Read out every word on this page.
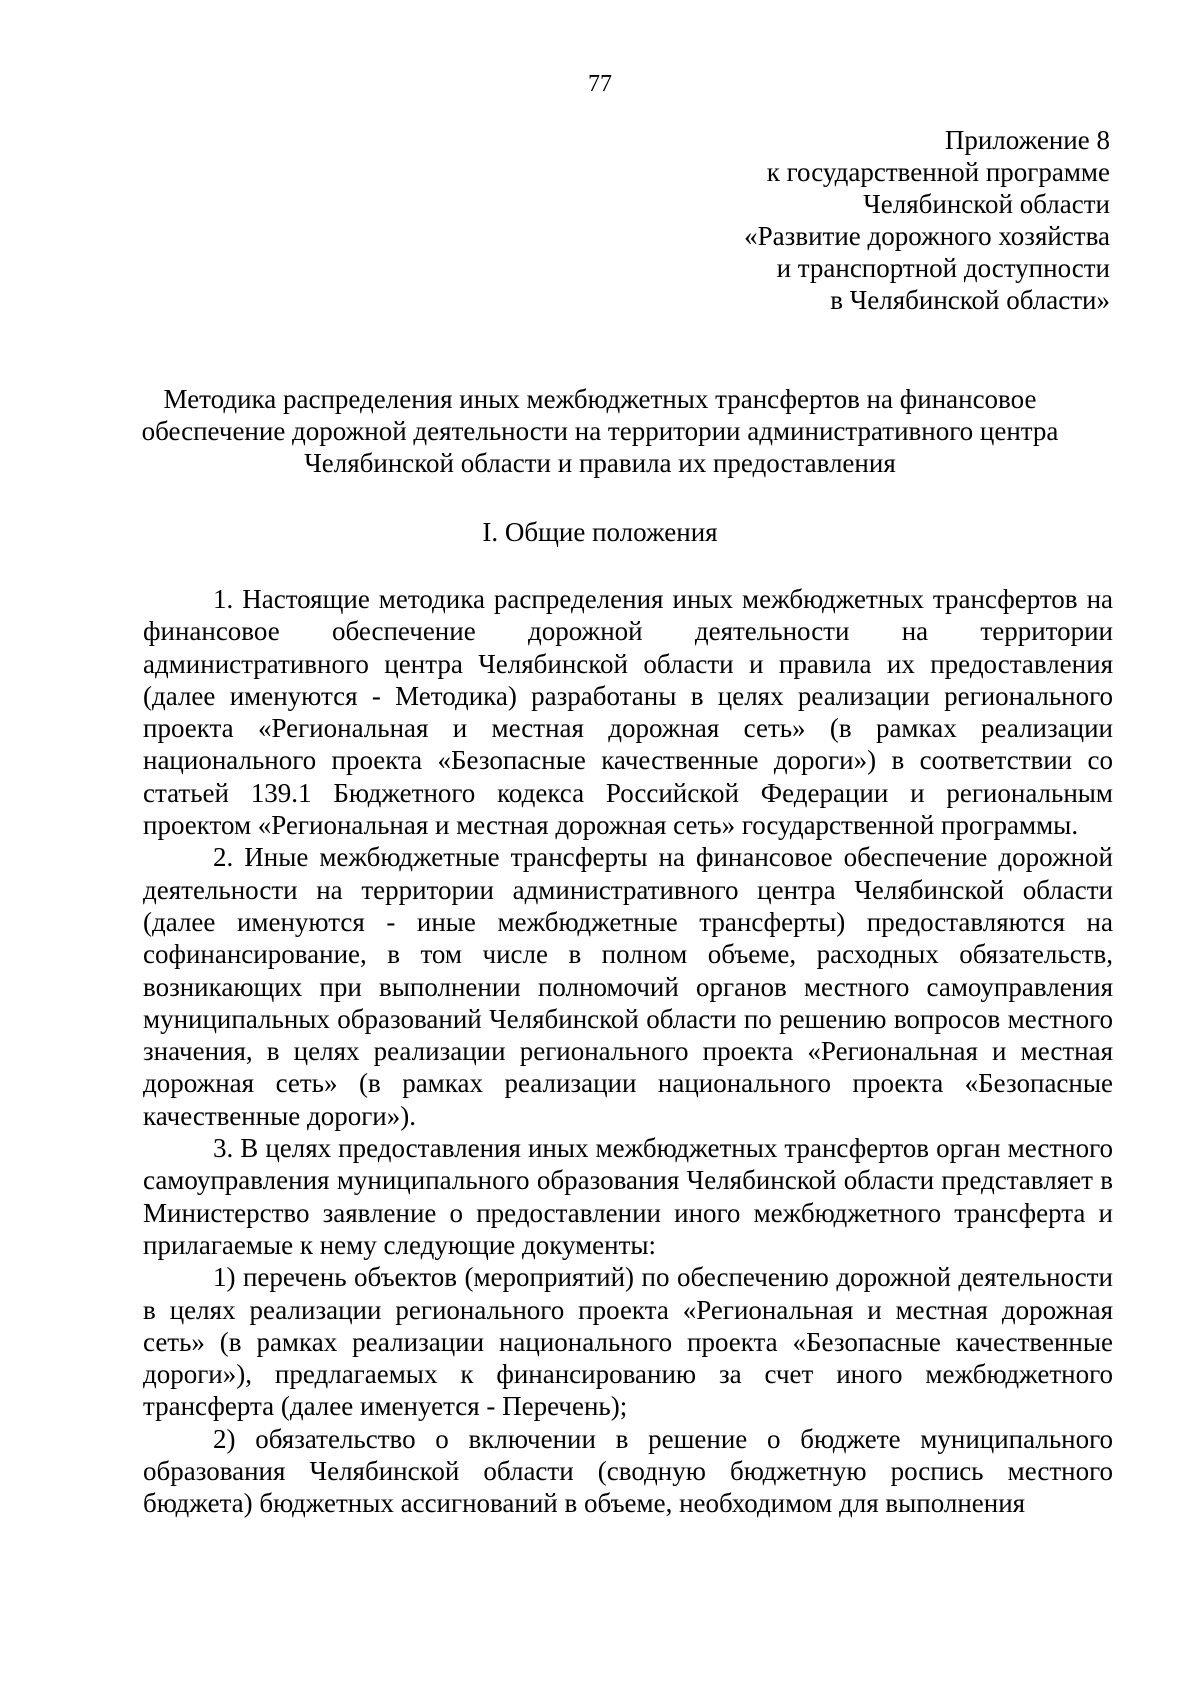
77
Приложение 8
к государственной программе
Челябинской области
«Развитие дорожного хозяйства
и транспортной доступности
в Челябинской области»
Методика распределения иных межбюджетных трансфертов на финансовое
обеспечение дорожной деятельности на территории административного центра
Челябинской области и правила их предоставления
I. Общие положения

1. Настоящие методика распределения иных межбюджетных трансфертов на финансовое обеспечение дорожной деятельности на территории административного центра Челябинской области и правила их предоставления (далее именуются - Методика) разработаны в целях реализации регионального проекта «Региональная и местная дорожная сеть» (в рамках реализации национального проекта «Безопасные качественные дороги») в соответствии со статьей 139.1 Бюджетного кодекса Российской Федерации и региональным проектом «Региональная и местная дорожная сеть» государственной программы.

2. Иные межбюджетные трансферты на финансовое обеспечение дорожной деятельности на территории административного центра Челябинской области (далее именуются - иные межбюджетные трансферты) предоставляются на софинансирование, в том числе в полном объеме, расходных обязательств, возникающих при выполнении полномочий органов местного самоуправления муниципальных образований Челябинской области по решению вопросов местного значения, в целях реализации регионального проекта «Региональная и местная дорожная сеть» (в рамках реализации национального проекта «Безопасные качественные дороги»).

3. В целях предоставления иных межбюджетных трансфертов орган местного самоуправления муниципального образования Челябинской области представляет в Министерство заявление о предоставлении иного межбюджетного трансферта и прилагаемые к нему следующие документы:

1) перечень объектов (мероприятий) по обеспечению дорожной деятельности в целях реализации регионального проекта «Региональная и местная дорожная сеть» (в рамках реализации национального проекта «Безопасные качественные дороги»), предлагаемых к финансированию за счет иного межбюджетного трансферта (далее именуется - Перечень);

2) обязательство о включении в решение о бюджете муниципального образования Челябинской области (сводную бюджетную роспись местного бюджета) бюджетных ассигнований в объеме, необходимом для выполнения
